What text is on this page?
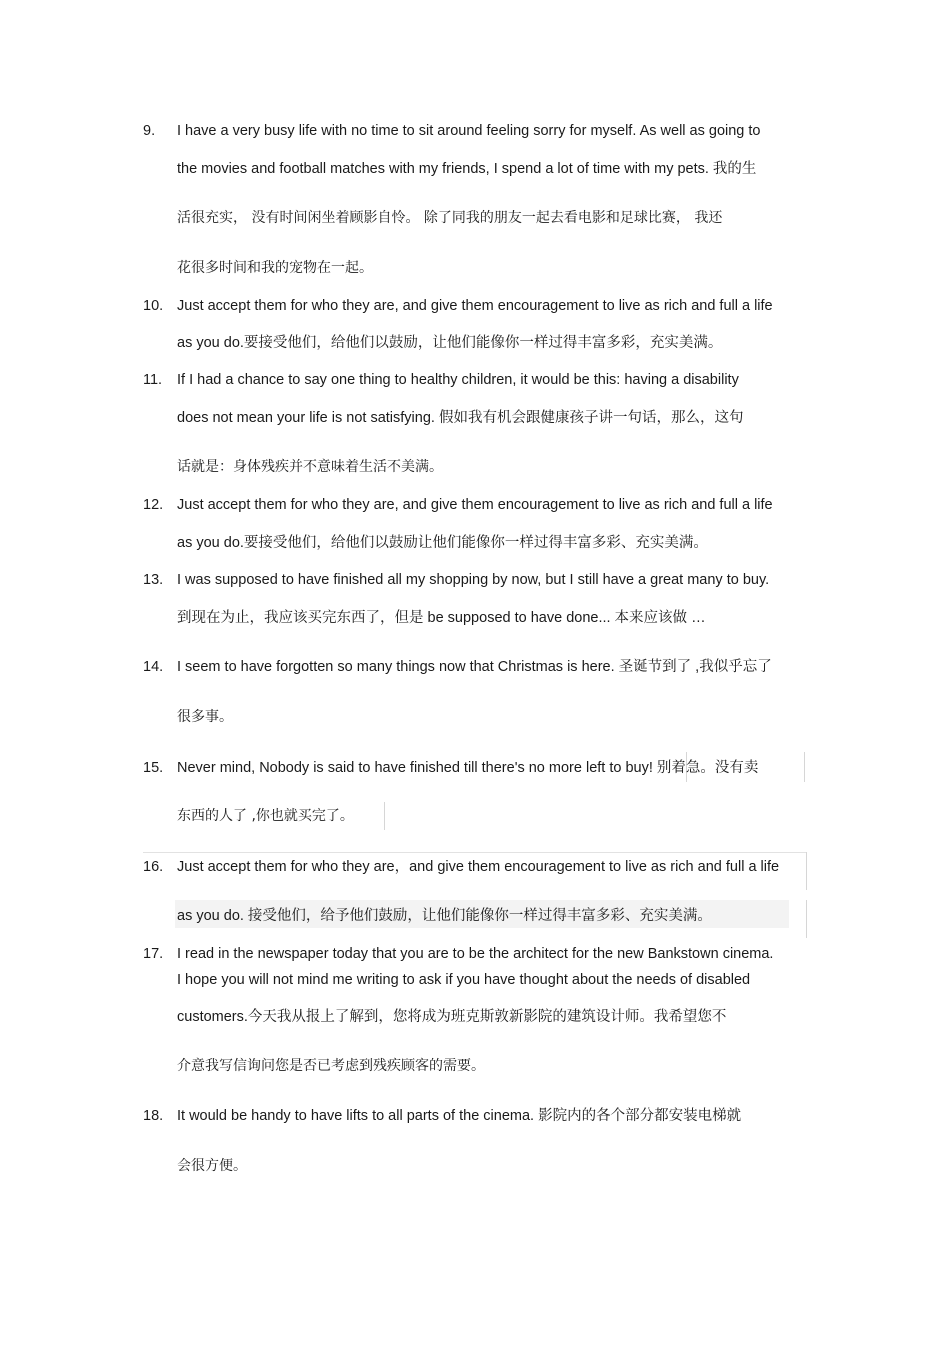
9.	I have a very busy life with no time to sit around feeling sorry for myself. As well as going to
the movies and football matches with my friends, I spend a lot of time with my pets. 我的生
活很充实， 没有时间闲坐着顾影自怜。 除了同我的朋友一起去看电影和足球比赛， 我还
花很多时间和我的宠物在一起。
10. Just accept them for who they are, and give them encouragement to live as rich and full a life
as you do.要接受他们，给他们以鼓励，让他们能像你一样过得丰富多彩，充实美满。
11.	If I had a chance to say one thing to healthy children, it would be this: having a disability
does not mean your life is not satisfying. 假如我有机会跟健康孩子讲一句话，那么，这句
话就是：身体残疾并不意味着生活不美满。
12. Just accept them for who they are, and give them encouragement to live as rich and full a life
as you do.要接受他们，给他们以鼓励让他们能像你一样过得丰富多彩、充实美满。
13. I was supposed to have finished all my shopping by now, but I still have a great many to buy.
到现在为止，我应该买完东西了，但是 be supposed to have done... 本来应该做 …
14. I seem to have forgotten so many things now that Christmas is here. 圣诞节到了 ,我似乎忘了
很多事。
15. Never mind, Nobody is said to have finished till there's no more left to buy! 别着急。没有卖
东西的人了 ,你也就买完了。
16. Just accept them for who they are，and give them encouragement to live as rich and full a life
as you do. 接受他们，给予他们鼓励，让他们能像你一样过得丰富多彩、充实美满。
17. I read in the newspaper today that you are to be the architect for the new Bankstown cinema.
I hope you will not mind me writing to ask if you have thought about the needs of disabled
customers.今天我从报上了解到，您将成为班克斯敦新影院的建筑设计师。我希望您不
介意我写信询问您是否已考虑到残疾顾客的需要。
18. It would be handy to have lifts to all parts of the cinema. 影院内的各个部分都安装电梯就
会很方便。
